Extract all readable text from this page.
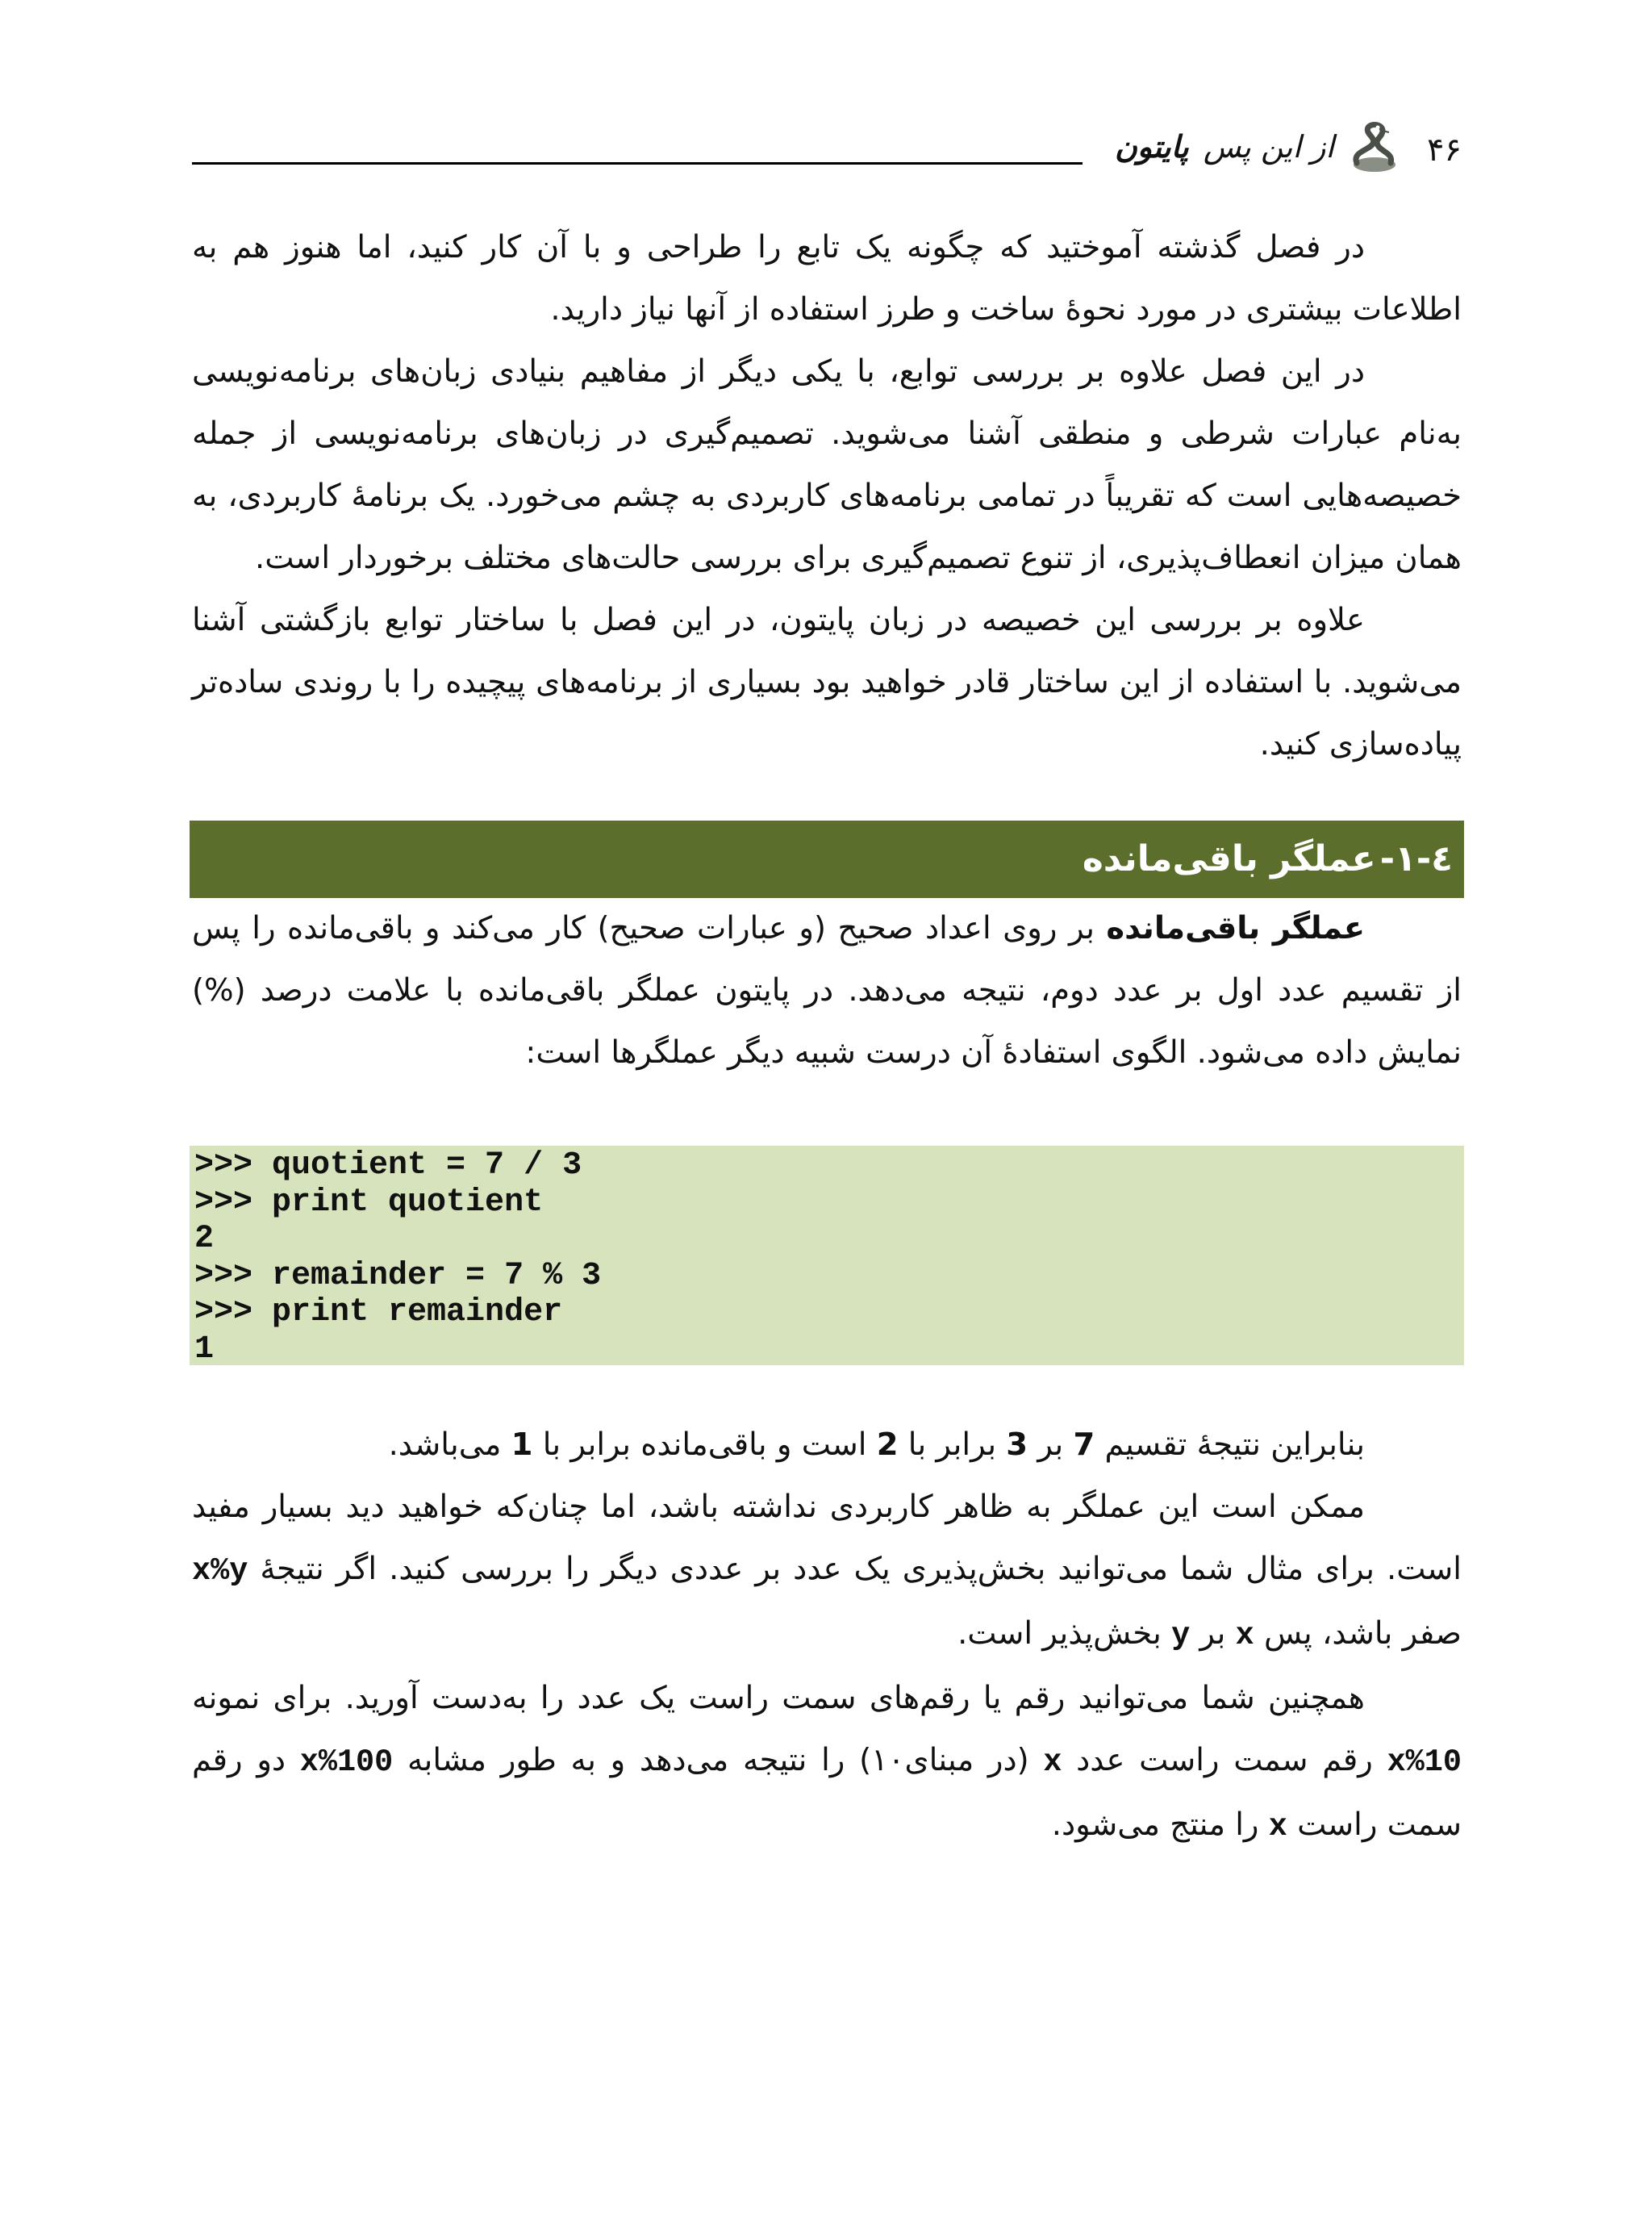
۴۶
از این پس پایتون

در فصل گذشته آموختید که چگونه یک تابع را طراحی و با آن کار کنید، اما هنوز هم به اطلاعات بیشتری در مورد نحوۀ ساخت و طرز استفاده از آنها نیاز دارید.

در این فصل علاوه بر بررسی توابع، با یکی دیگر از مفاهیم بنیادی زبان‌های برنامه‌نویسی به‌نام عبارات شرطی و منطقی آشنا می‌شوید. تصمیم‌گیری در زبان‌های برنامه‌نویسی از جمله خصیصه‌هایی است که تقریباً در تمامی برنامه‌های کاربردی به چشم می‌خورد. یک برنامۀ کاربردی، به همان میزان انعطاف‌پذیری، از تنوع تصمیم‌گیری برای بررسی حالت‌های مختلف برخوردار است.

علاوه بر بررسی این خصیصه در زبان پایتون، در این فصل با ساختار توابع بازگشتی آشنا می‌شوید. با استفاده از این ساختار قادر خواهید بود بسیاری از برنامه‌های پیچیده را با روندی ساده‌تر پیاده‌سازی کنید.

٤-١- عملگر باقی‌مانده

عملگر باقی‌مانده بر روی اعداد صحیح (و عبارات صحیح) کار می‌کند و باقی‌مانده را پس از تقسیم عدد اول بر عدد دوم، نتیجه می‌دهد. در پایتون عملگر باقی‌مانده با علامت درصد (%) نمایش داده می‌شود. الگوی استفادۀ آن درست شبیه دیگر عملگرها است:

>>> quotient = 7 / 3
>>> print quotient
2
>>> remainder = 7 % 3
>>> print remainder
1

بنابراین نتیجۀ تقسیم 7 بر 3 برابر با 2 است و باقی‌مانده برابر با 1 می‌باشد.

ممکن است این عملگر به ظاهر کاربردی نداشته باشد، اما چنان‌که خواهید دید بسیار مفید است. برای مثال شما می‌توانید بخش‌پذیری یک عدد بر عددی دیگر را بررسی کنید. اگر نتیجۀ x%y صفر باشد، پس x بر y بخش‌پذیر است.

همچنین شما می‌توانید رقم یا رقم‌های سمت راست یک عدد را به‌دست آورید. برای نمونه x%10 رقم سمت راست عدد x (در مبنای۱۰) را نتیجه می‌دهد و به طور مشابه x%100 دو رقم سمت راست x را منتج می‌شود.
